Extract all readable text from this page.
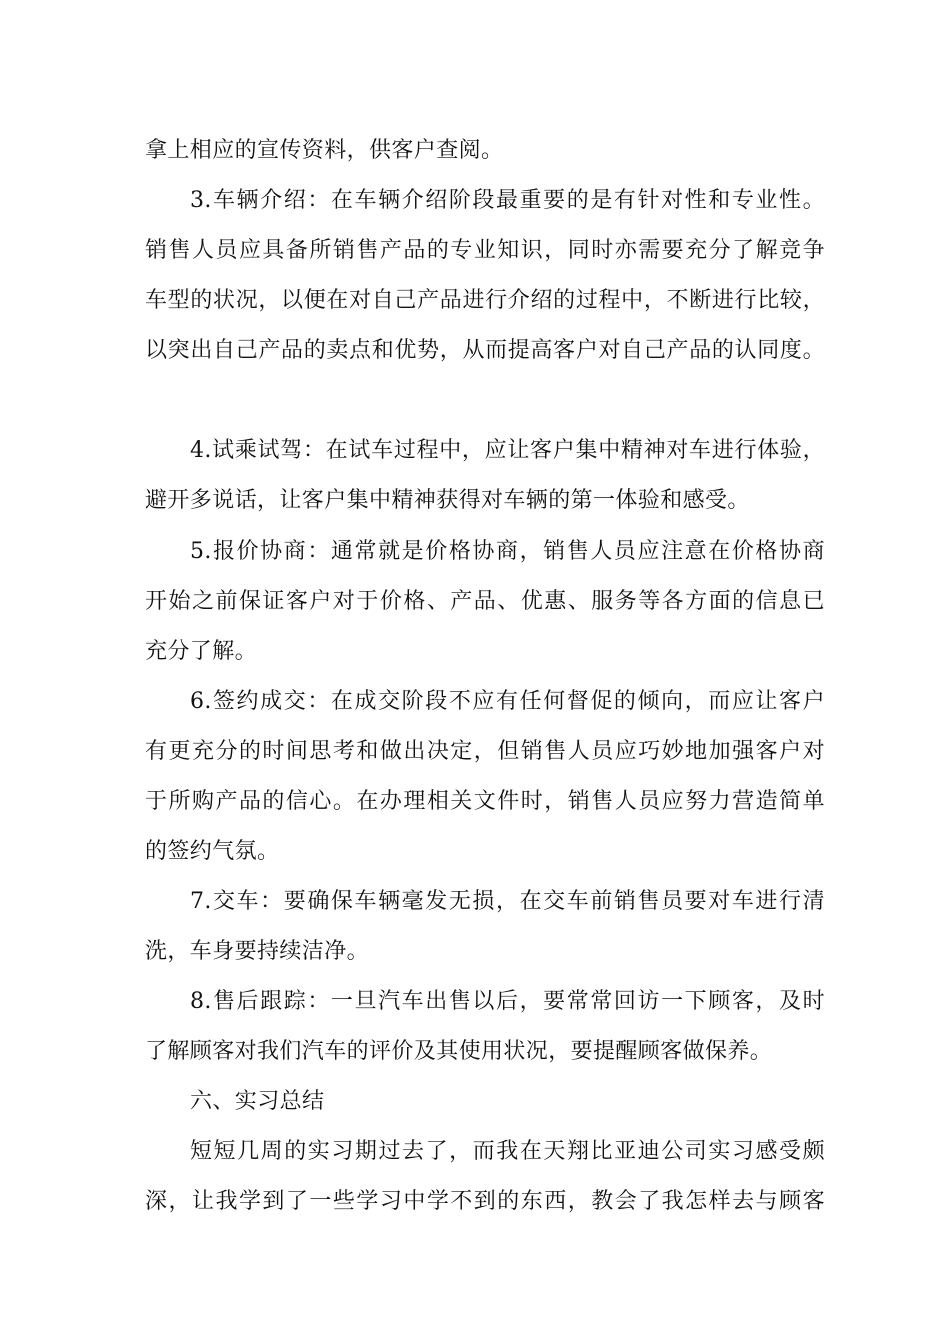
拿上相应的宣传资料，供客户查阅。
3.车辆介绍：在车辆介绍阶段最重要的是有针对性和专业性。
销售人员应具备所销售产品的专业知识，同时亦需要充分了解竞争
车型的状况，以便在对自己产品进行介绍的过程中，不断进行比较，
以突出自己产品的卖点和优势，从而提高客户对自己产品的认同度。
4.试乘试驾：在试车过程中，应让客户集中精神对车进行体验，
避开多说话，让客户集中精神获得对车辆的第一体验和感受。
5.报价协商：通常就是价格协商，销售人员应注意在价格协商
开始之前保证客户对于价格、产品、优惠、服务等各方面的信息已
充分了解。
6.签约成交：在成交阶段不应有任何督促的倾向，而应让客户
有更充分的时间思考和做出决定，但销售人员应巧妙地加强客户对
于所购产品的信心。在办理相关文件时，销售人员应努力营造简单
的签约气氛。
7.交车：要确保车辆毫发无损，在交车前销售员要对车进行清
洗，车身要持续洁净。
8.售后跟踪：一旦汽车出售以后，要常常回访一下顾客，及时
了解顾客对我们汽车的评价及其使用状况，要提醒顾客做保养。
六、实习总结
短短几周的实习期过去了，而我在天翔比亚迪公司实习感受颇
深，让我学到了一些学习中学不到的东西，教会了我怎样去与顾客
